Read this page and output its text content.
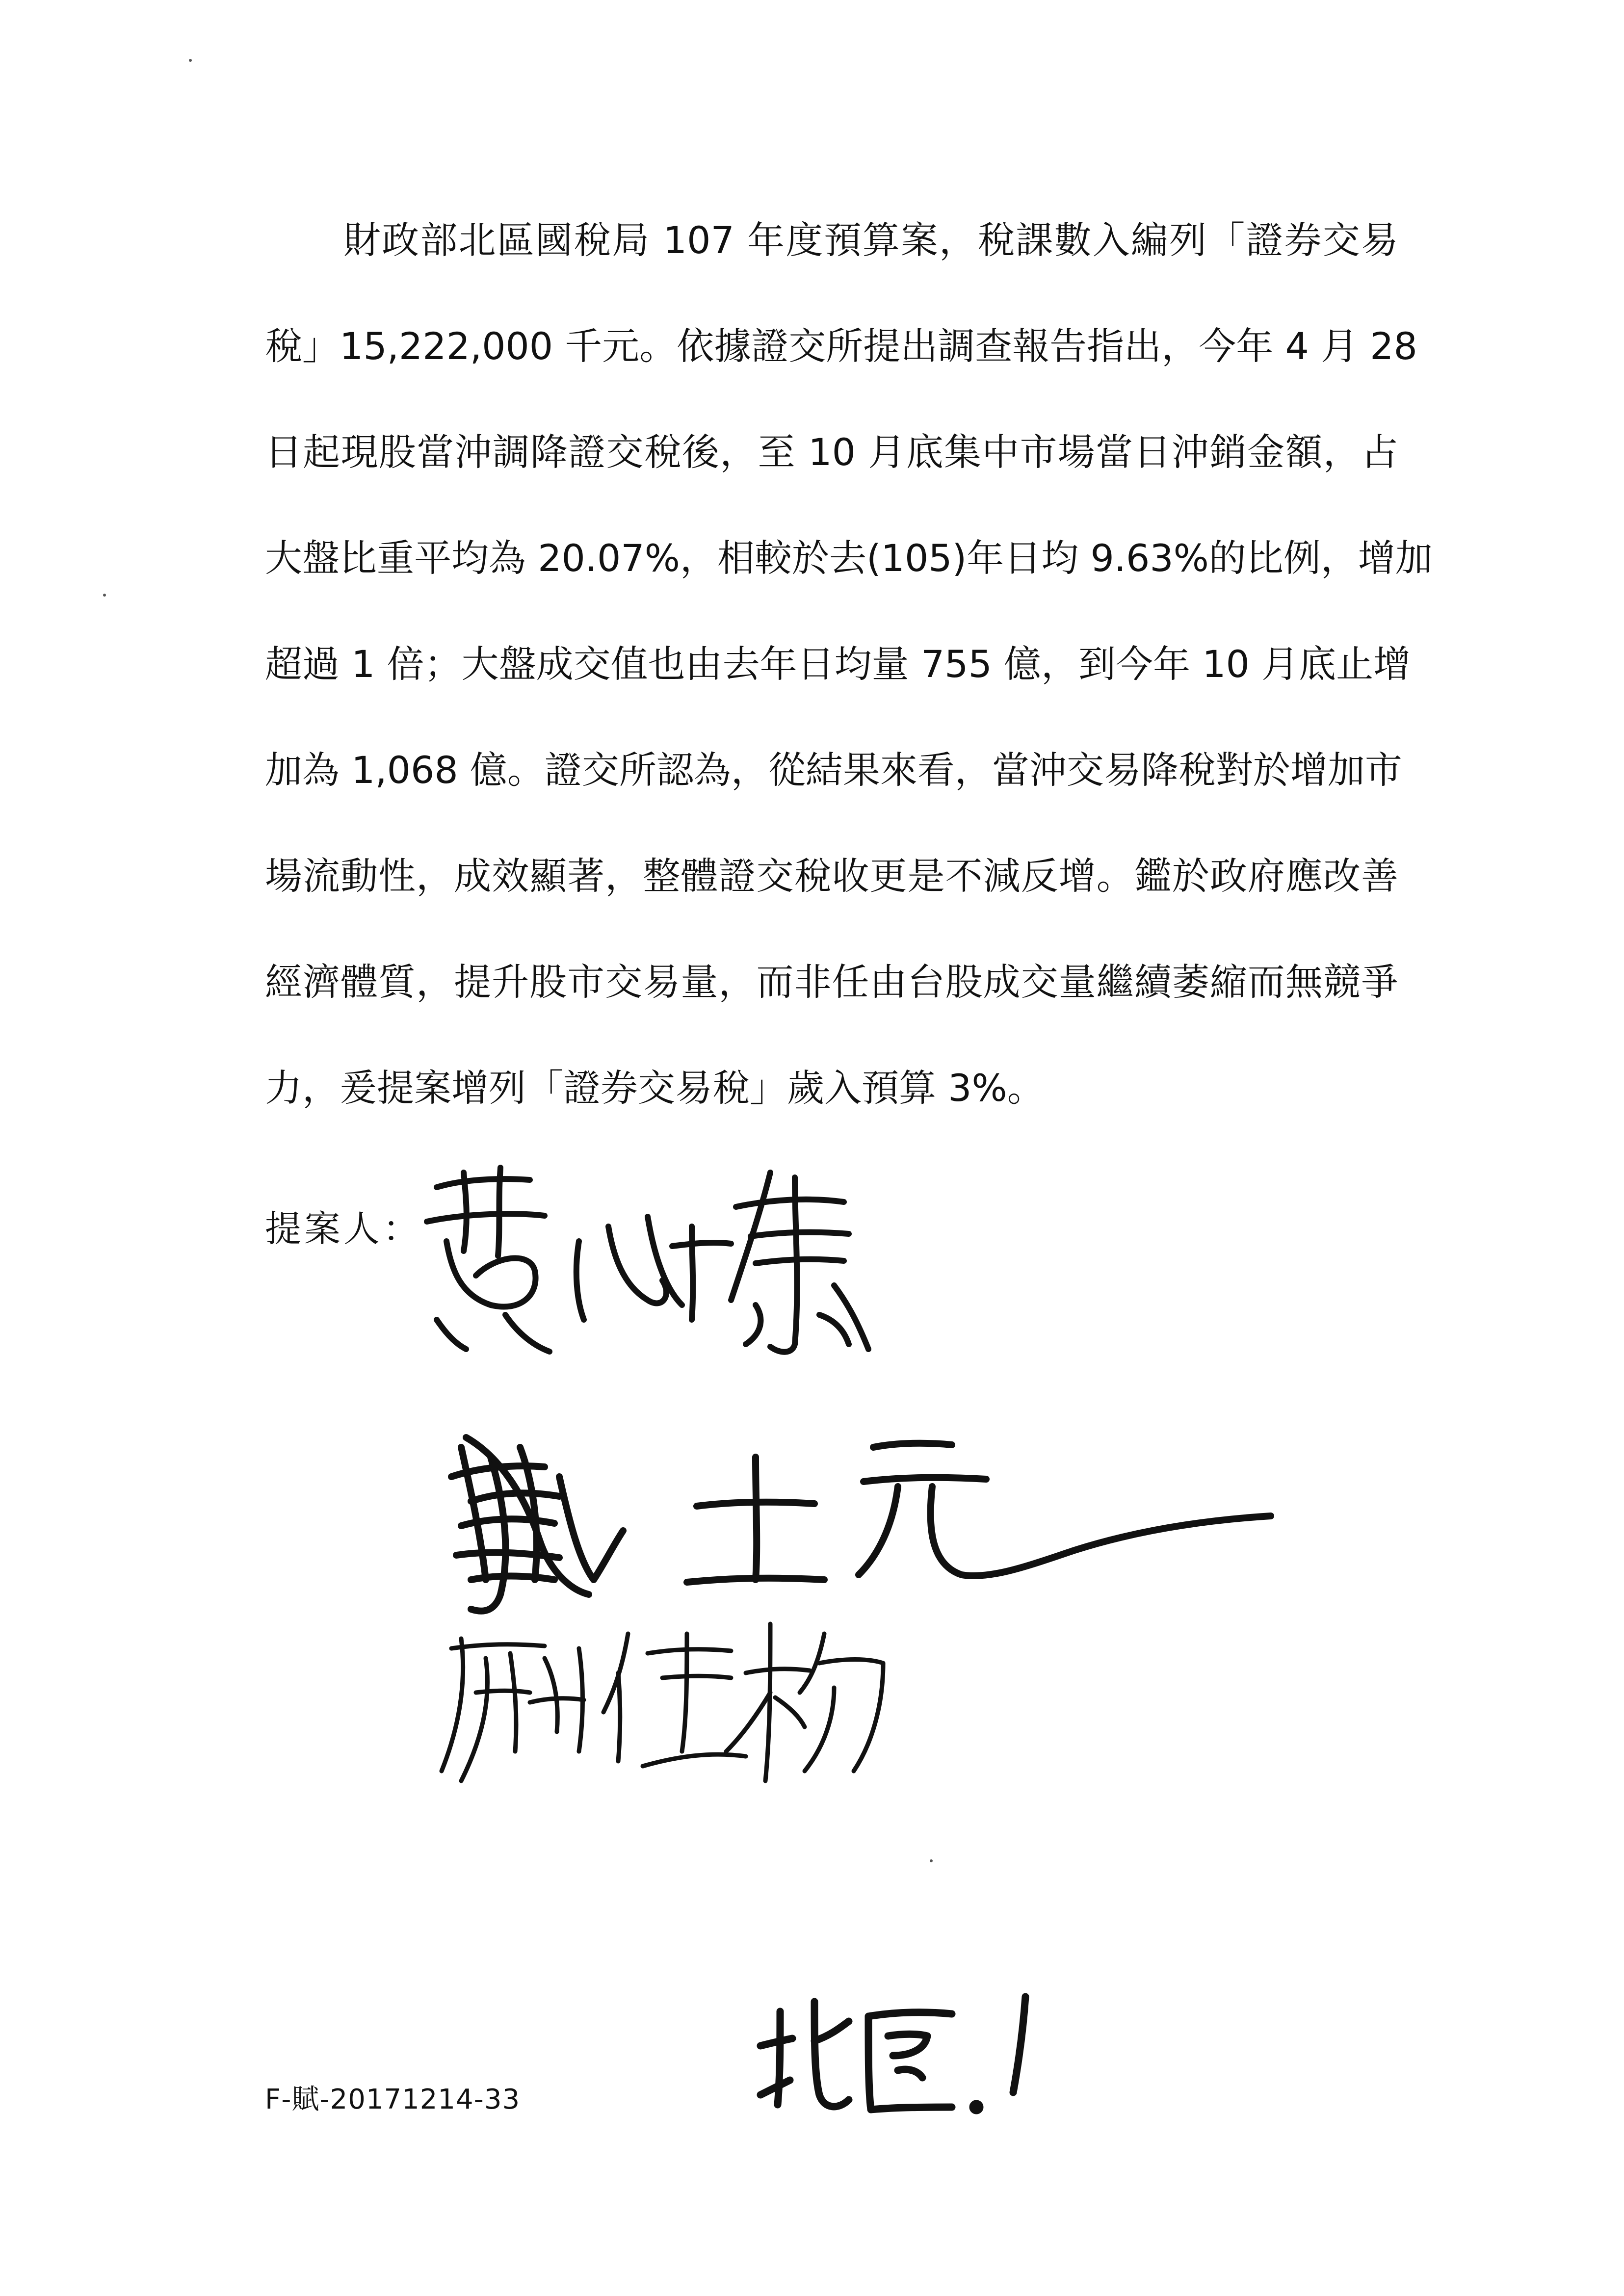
財政部北區國稅局 107 年度預算案，稅課數入編列「證券交易
稅」15,222,000 千元。依據證交所提出調查報告指出，今年 4 月 28
日起現股當沖調降證交稅後，至 10 月底集中市場當日沖銷金額，占
大盤比重平均為 20.07%，相較於去(105)年日均 9.63%的比例，增加
超過 1 倍；大盤成交值也由去年日均量 755 億，到今年 10 月底止增
加為 1,068 億。證交所認為，從結果來看，當沖交易降稅對於增加市
場流動性，成效顯著，整體證交稅收更是不減反增。鑑於政府應改善
經濟體質，提升股市交易量，而非任由台股成交量繼續萎縮而無競爭
力，爰提案增列「證券交易稅」歲入預算 3%。
提案人：
F-賦-20171214-33
